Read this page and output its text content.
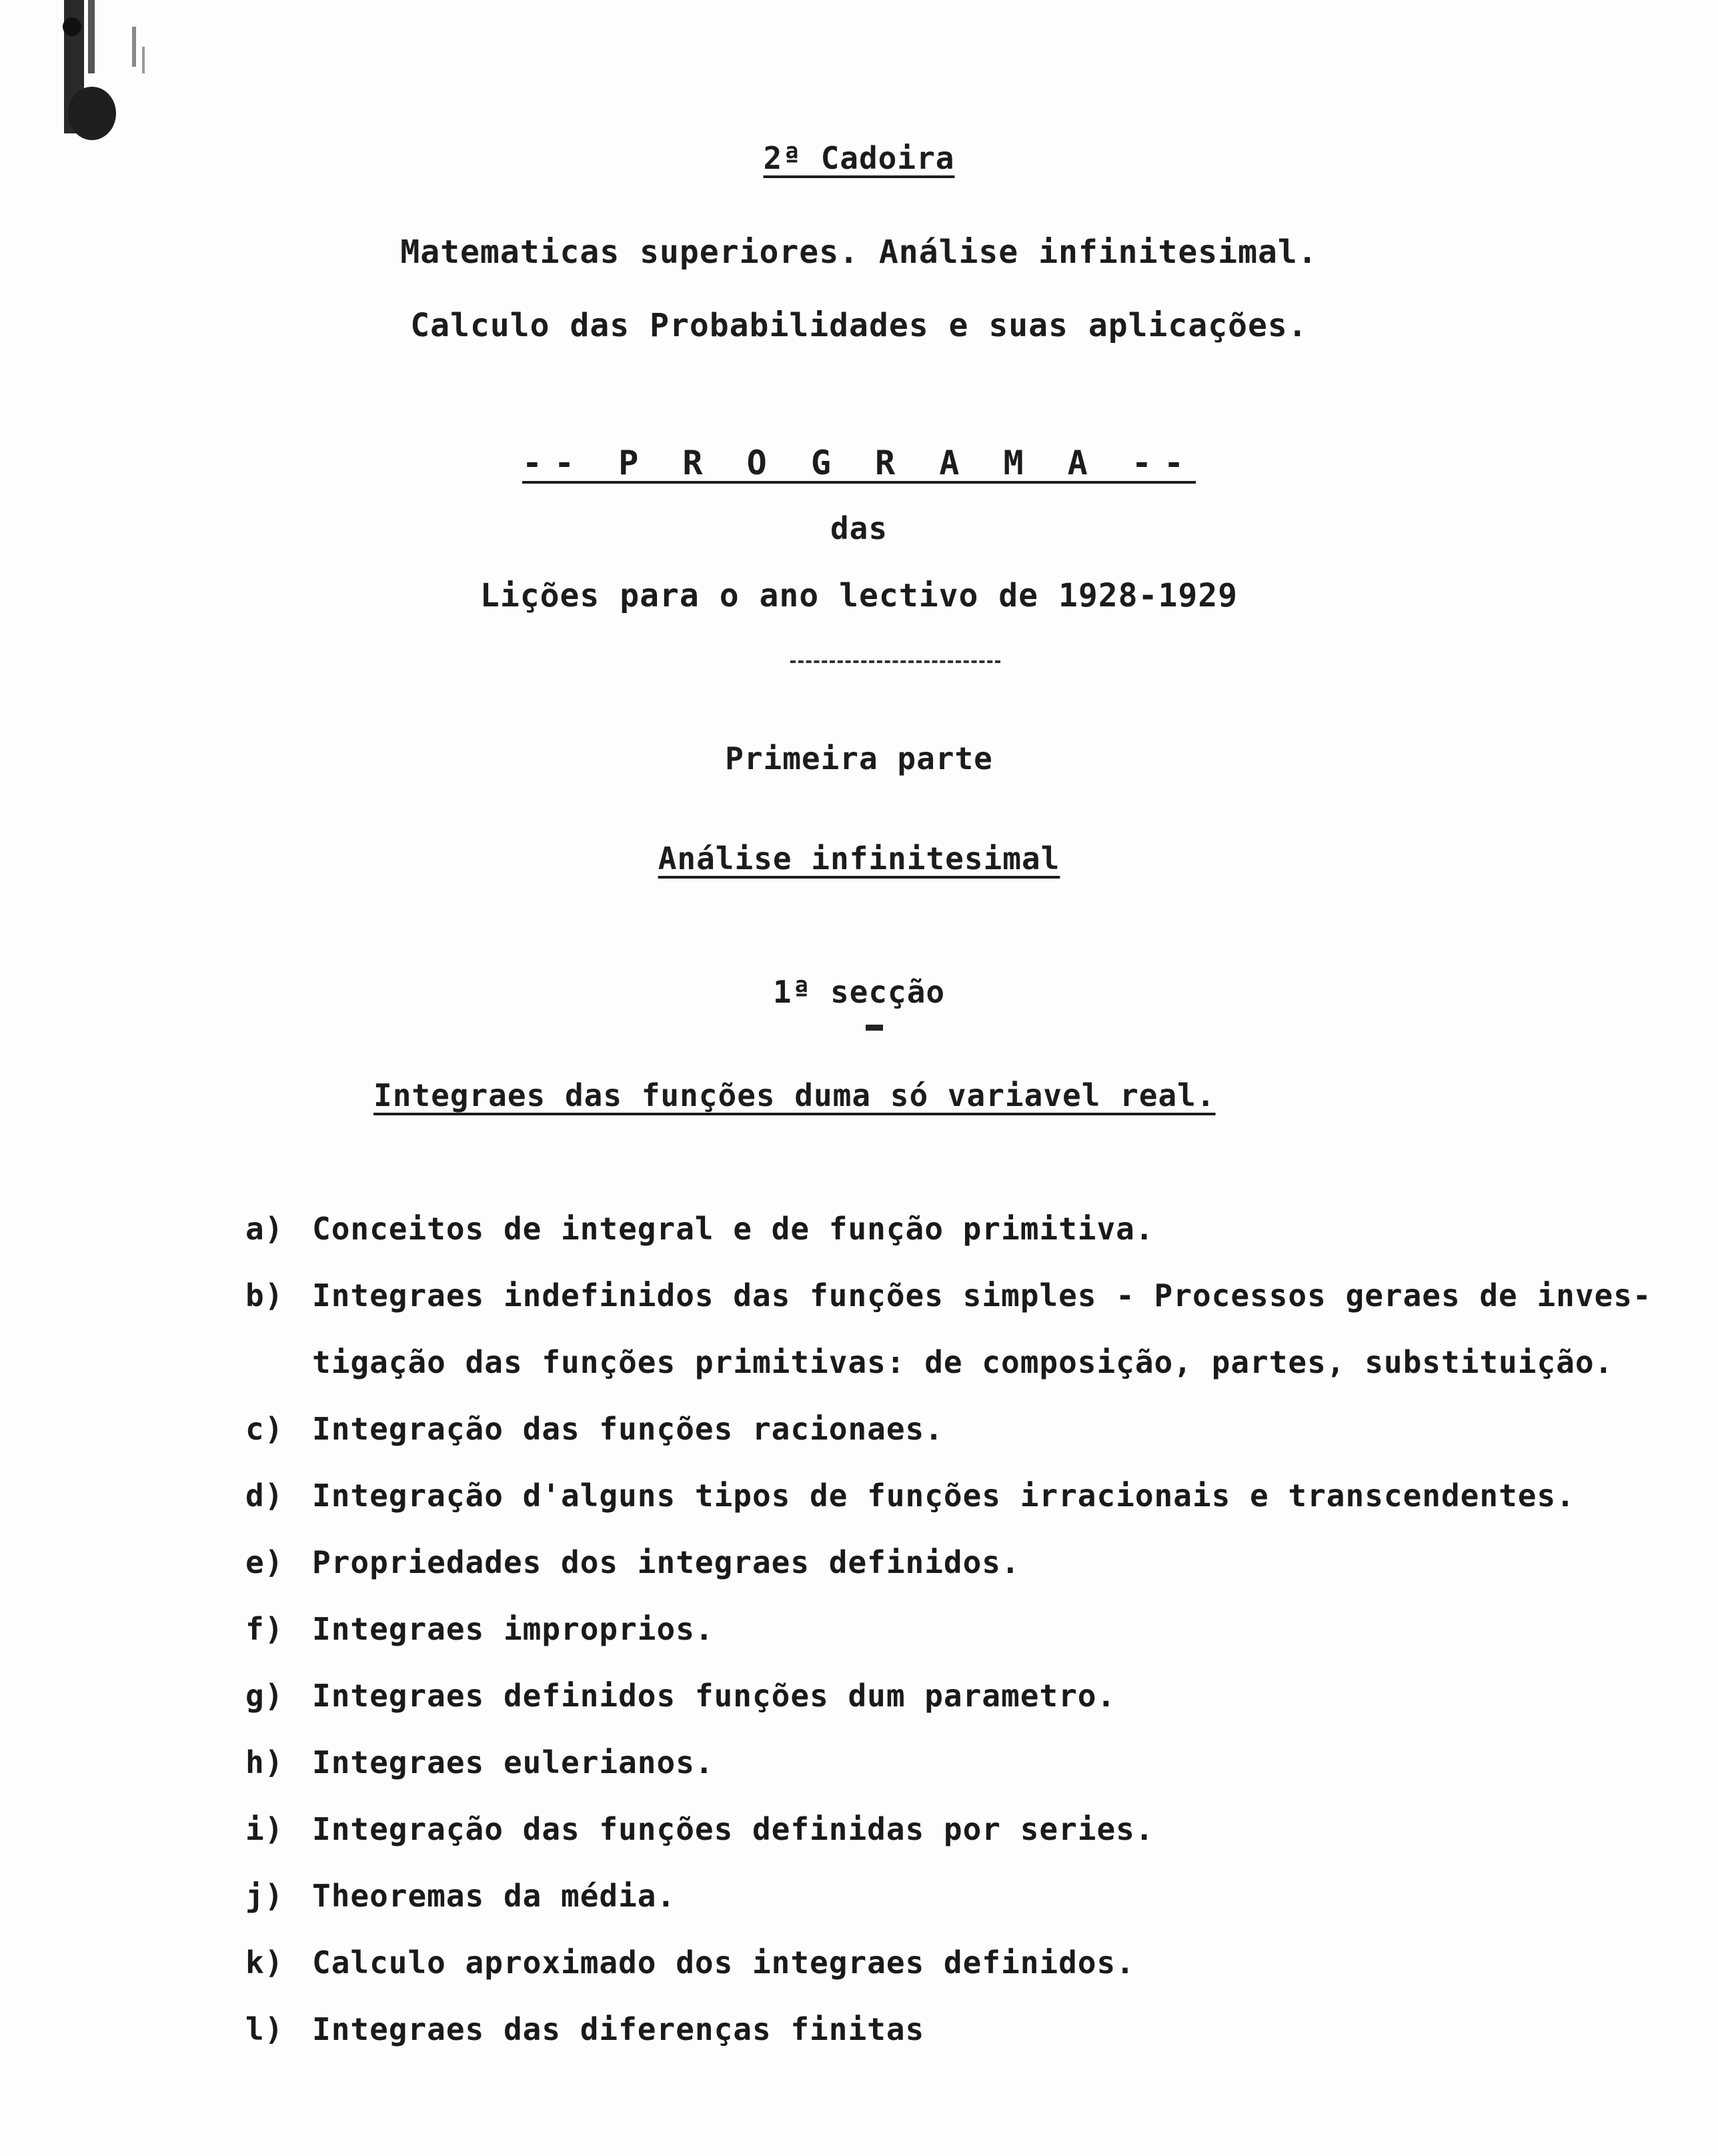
2ª Cadoira
Matematicas superiores. Análise infinitesimal.
Calculo das Probabilidades e suas aplicações.
-- P R O G R A M A --
das
Lições para o ano lectivo de 1928-1929
Primeira parte
Análise infinitesimal
1ª secção
Integraes das funções duma só variavel real.
a) Conceitos de integral e de função primitiva.
b) Integraes indefinidos das funções simples - Processos geraes de inves-
tigação das funções primitivas: de composição, partes, substituição.
c) Integração das funções racionaes.
d) Integração d'alguns tipos de funções irracionais e transcendentes.
e) Propriedades dos integraes definidos.
f) Integraes improprios.
g) Integraes definidos funções dum parametro.
h) Integraes eulerianos.
i) Integração das funções definidas por series.
j) Theoremas da média.
k) Calculo aproximado dos integraes definidos.
l) Integraes das diferenças finitas
